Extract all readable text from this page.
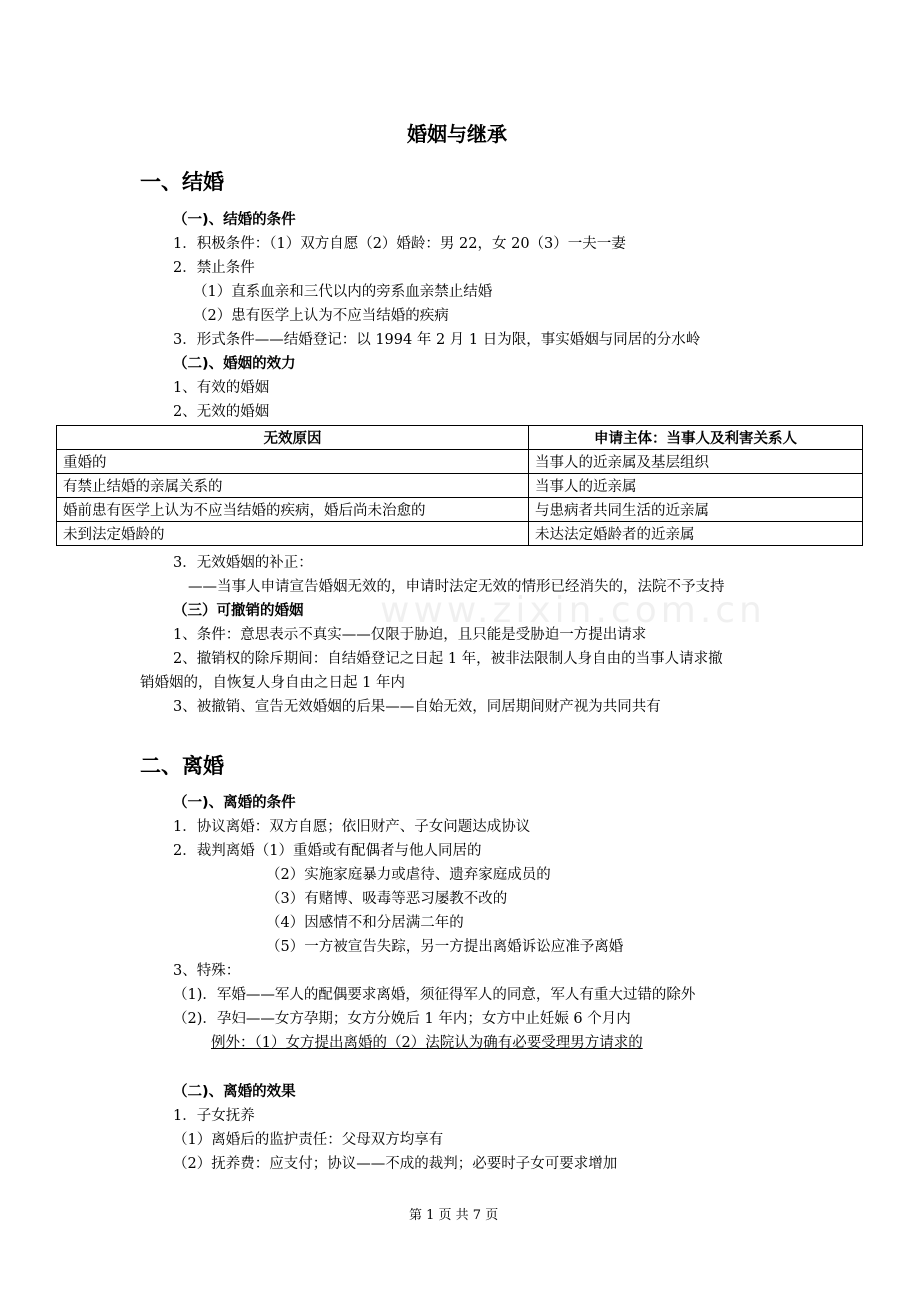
www.zixin.com.cn
婚姻与继承
一、结婚
（一)、结婚的条件
1．积极条件：（1）双方自愿（2）婚龄：男 22，女 20（3）一夫一妻
2．禁止条件
（1）直系血亲和三代以内的旁系血亲禁止结婚
（2）患有医学上认为不应当结婚的疾病
3．形式条件——结婚登记：以 1994 年 2 月 1 日为限，事实婚姻与同居的分水岭
（二)、婚姻的效力
1、有效的婚姻
2、无效的婚姻
无效原因	申请主体：当事人及利害关系人
重婚的	当事人的近亲属及基层组织
有禁止结婚的亲属关系的	当事人的近亲属
婚前患有医学上认为不应当结婚的疾病，婚后尚未治愈的	与患病者共同生活的近亲属
未到法定婚龄的	未达法定婚龄者的近亲属
3．无效婚姻的补正：
——当事人申请宣告婚姻无效的，申请时法定无效的情形已经消失的，法院不予支持
（三）可撤销的婚姻
1、条件：意思表示不真实——仅限于胁迫，且只能是受胁迫一方提出请求
2、撤销权的除斥期间：自结婚登记之日起 1 年，被非法限制人身自由的当事人请求撤
销婚姻的，自恢复人身自由之日起 1 年内
3、被撤销、宣告无效婚姻的后果——自始无效，同居期间财产视为共同共有
二、离婚
（一)、离婚的条件
1．协议离婚：双方自愿；依旧财产、子女问题达成协议
2．裁判离婚（1）重婚或有配偶者与他人同居的
（2）实施家庭暴力或虐待、遗弃家庭成员的
（3）有赌博、吸毒等恶习屡教不改的
（4）因感情不和分居满二年的
（5）一方被宣告失踪，另一方提出离婚诉讼应准予离婚
3、特殊：
（1)．军婚——军人的配偶要求离婚，须征得军人的同意，军人有重大过错的除外
（2)．孕妇——女方孕期；女方分娩后 1 年内；女方中止妊娠 6 个月内
例外：（1）女方提出离婚的（2）法院认为确有必要受理男方请求的
（二)、离婚的效果
1．子女抚养
（1）离婚后的监护责任：父母双方均享有
（2）抚养费：应支付；协议——不成的裁判；必要时子女可要求增加
第 1 页 共 7 页
